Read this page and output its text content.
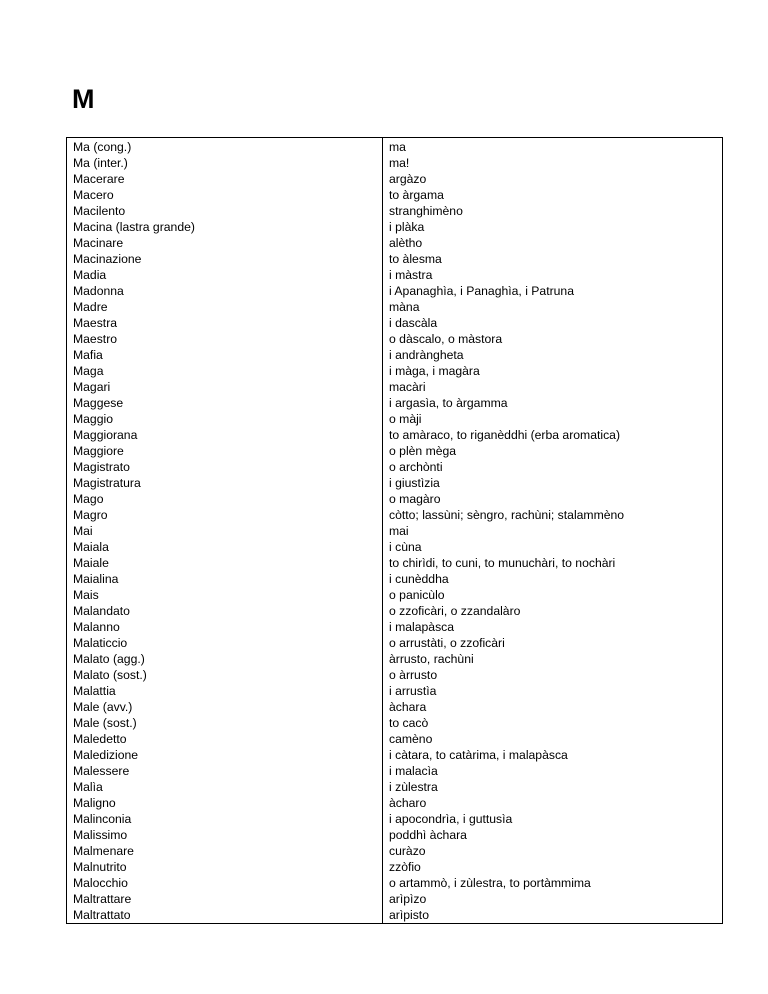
M
Ma (cong.)	ma
Ma (inter.)	ma!
Macerare	argàzo
Macero	to àrgama
Macilento	stranghimèno
Macina (lastra grande)	i plàka
Macinare	alètho
Macinazione	to àlesma
Madia	i màstra
Madonna	i Apanaghìa, i Panaghìa, i Patruna
Madre	màna
Maestra	i dascàla
Maestro	o dàscalo, o màstora
Mafia	i andrànghetа
Maga	i màga, i magàra
Magari	macàri
Maggese	i argasìa, to àrgamma
Maggio	o màji
Maggiorana	to amàraco, to riganèddhi (erba aromatica)
Maggiore	o plèn mèga
Magistrato	o archònti
Magistratura	i giustìzia
Mago	o magàro
Magro	còtto; lassùni; sèngro, rachùni; stalammèno
Mai	mai
Maiala	i cùna
Maiale	to chirìdi, to cuni, to munuchàri, to nochàri
Maialina	i cunèddha
Mais	o panicùlo
Malandato	o zzoficàri, o zzandalàro
Malanno	i malapàsca
Malaticcio	o arrustàti, o zzoficàri
Malato (agg.)	àrrusto, rachùni
Malato (sost.)	o àrrusto
Malattia	i arrustìa
Male (avv.)	àchara
Male (sost.)	to cacò
Maledetto	camèno
Maledizione	i càtara, to catàrima, i malapàsca
Malessere	i malacìa
Malìa	i zùlestra
Maligno	àcharo
Malinconia	i apocondrìa, i guttusìa
Malissimo	poddhì àchara
Malmenare	curàzo
Malnutrito	zzòfio
Malocchio	o artammò, i zùlestra, to portàmmima
Maltrattare	arìpìzo
Maltrattato	arìpisto
